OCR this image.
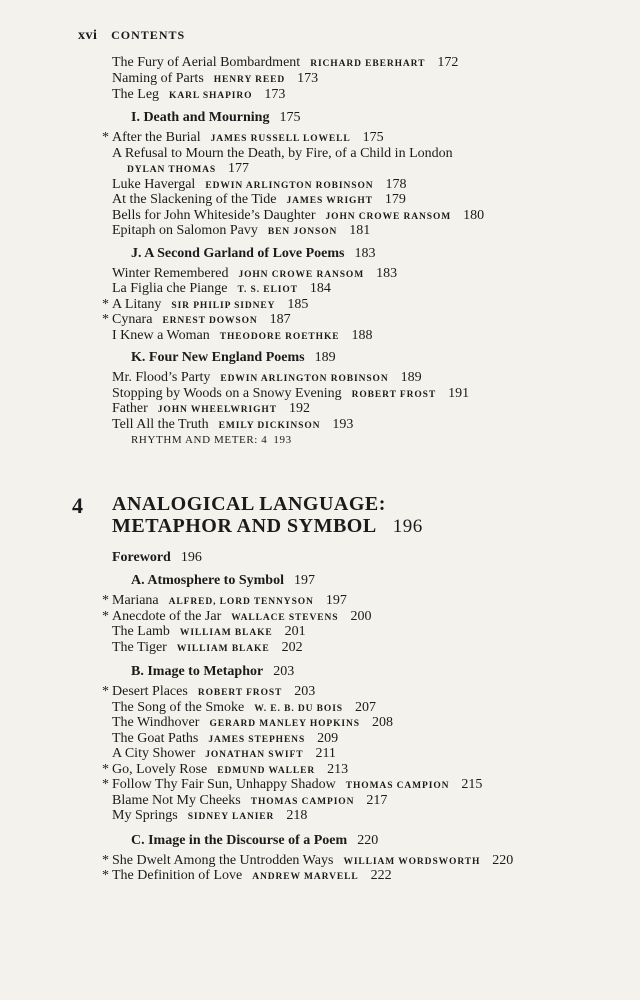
xvi CONTENTS
The Fury of Aerial Bombardment RICHARD EBERHART 172
Naming of Parts HENRY REED 173
The Leg KARL SHAPIRO 173
I. Death and Mourning 175
* After the Burial JAMES RUSSELL LOWELL 175
A Refusal to Mourn the Death, by Fire, of a Child in London
DYLAN THOMAS 177
Luke Havergal EDWIN ARLINGTON ROBINSON 178
At the Slackening of the Tide JAMES WRIGHT 179
Bells for John Whiteside’s Daughter JOHN CROWE RANSOM 180
Epitaph on Salomon Pavy BEN JONSON 181
J. A Second Garland of Love Poems 183
Winter Remembered JOHN CROWE RANSOM 183
La Figlia che Piange T. S. ELIOT 184
* A Litany SIR PHILIP SIDNEY 185
* Cynara ERNEST DOWSON 187
I Knew a Woman THEODORE ROETHKE 188
K. Four New England Poems 189
Mr. Flood’s Party EDWIN ARLINGTON ROBINSON 189
Stopping by Woods on a Snowy Evening ROBERT FROST 191
Father JOHN WHEELWRIGHT 192
Tell All the Truth EMILY DICKINSON 193
RHYTHM AND METER: 4 193
A. Atmosphere to Symbol 197
* Mariana ALFRED, LORD TENNYSON 197
* Anecdote of the Jar WALLACE STEVENS 200
The Lamb WILLIAM BLAKE 201
The Tiger WILLIAM BLAKE 202
B. Image to Metaphor 203
* Desert Places ROBERT FROST 203
The Song of the Smoke W. E. B. DU BOIS 207
The Windhover GERARD MANLEY HOPKINS 208
The Goat Paths JAMES STEPHENS 209
A City Shower JONATHAN SWIFT 211
* Go, Lovely Rose EDMUND WALLER 213
* Follow Thy Fair Sun, Unhappy Shadow THOMAS CAMPION 215
Blame Not My Cheeks THOMAS CAMPION 217
My Springs SIDNEY LANIER 218
C. Image in the Discourse of a Poem 220
* She Dwelt Among the Untrodden Ways WILLIAM WORDSWORTH 220
* The Definition of Love ANDREW MARVELL 222
4 ANALOGICAL LANGUAGE:
METAPHOR AND SYMBOL 196
Foreword 196
